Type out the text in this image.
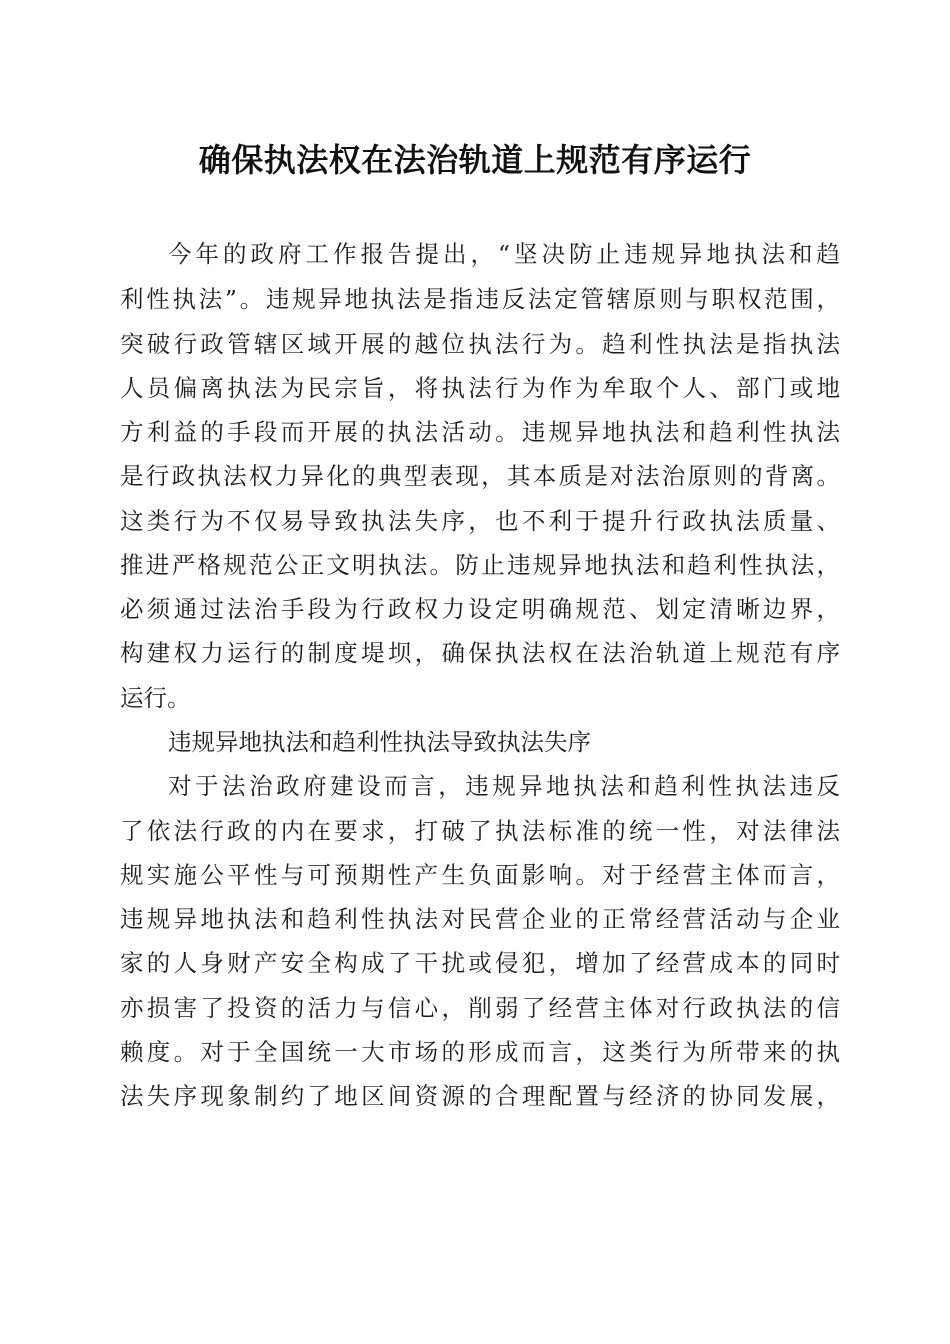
确保执法权在法治轨道上规范有序运行
今年的政府工作报告提出，“坚决防止违规异地执法和趋
利性执法”。违规异地执法是指违反法定管辖原则与职权范围，
突破行政管辖区域开展的越位执法行为。趋利性执法是指执法
人员偏离执法为民宗旨，将执法行为作为牟取个人、部门或地
方利益的手段而开展的执法活动。违规异地执法和趋利性执法
是行政执法权力异化的典型表现，其本质是对法治原则的背离。
这类行为不仅易导致执法失序，也不利于提升行政执法质量、
推进严格规范公正文明执法。防止违规异地执法和趋利性执法，
必须通过法治手段为行政权力设定明确规范、划定清晰边界，
构建权力运行的制度堤坝，确保执法权在法治轨道上规范有序
运行。
违规异地执法和趋利性执法导致执法失序
对于法治政府建设而言，违规异地执法和趋利性执法违反
了依法行政的内在要求，打破了执法标准的统一性，对法律法
规实施公平性与可预期性产生负面影响。对于经营主体而言，
违规异地执法和趋利性执法对民营企业的正常经营活动与企业
家的人身财产安全构成了干扰或侵犯，增加了经营成本的同时
亦损害了投资的活力与信心，削弱了经营主体对行政执法的信
赖度。对于全国统一大市场的形成而言，这类行为所带来的执
法失序现象制约了地区间资源的合理配置与经济的协同发展，
